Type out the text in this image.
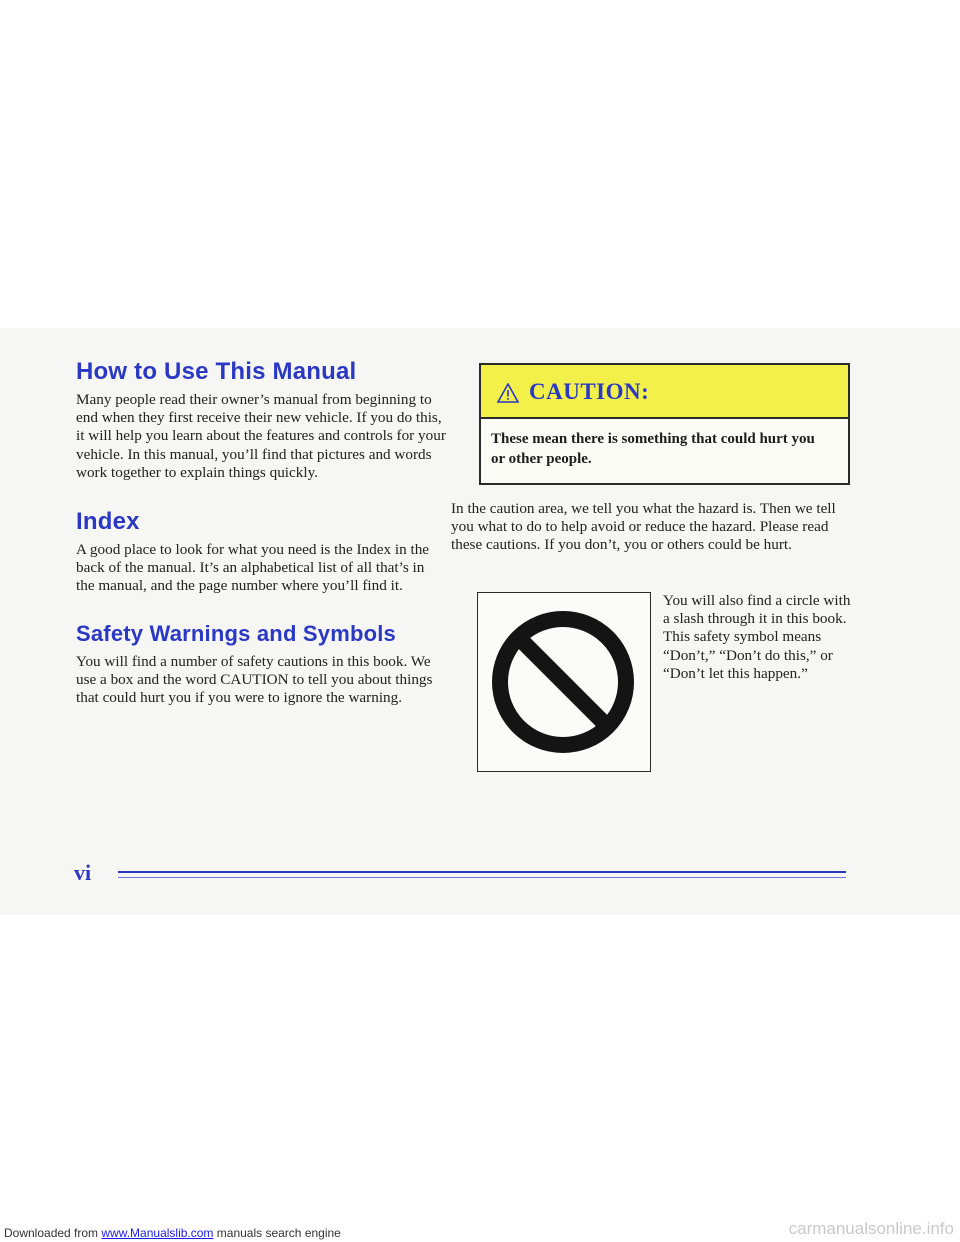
How to Use This Manual

Many people read their owner’s manual from beginning to end when they first receive their new vehicle. If you do this, it will help you learn about the features and controls for your vehicle. In this manual, you’ll find that pictures and words work together to explain things quickly.

Index

A good place to look for what you need is the Index in the back of the manual. It’s an alphabetical list of all that’s in the manual, and the page number where you’ll find it.

Safety Warnings and Symbols

You will find a number of safety cautions in this book. We use a box and the word CAUTION to tell you about things that could hurt you if you were to ignore the warning.

CAUTION:
These mean there is something that could hurt you or other people.

In the caution area, we tell you what the hazard is. Then we tell you what to do to help avoid or reduce the hazard. Please read these cautions. If you don’t, you or others could be hurt.

You will also find a circle with a slash through it in this book. This safety symbol means “Don’t,” “Don’t do this,” or “Don’t let this happen.”

vi
Downloaded from www.Manualslib.com manuals search engine	carmanualsonline.info
